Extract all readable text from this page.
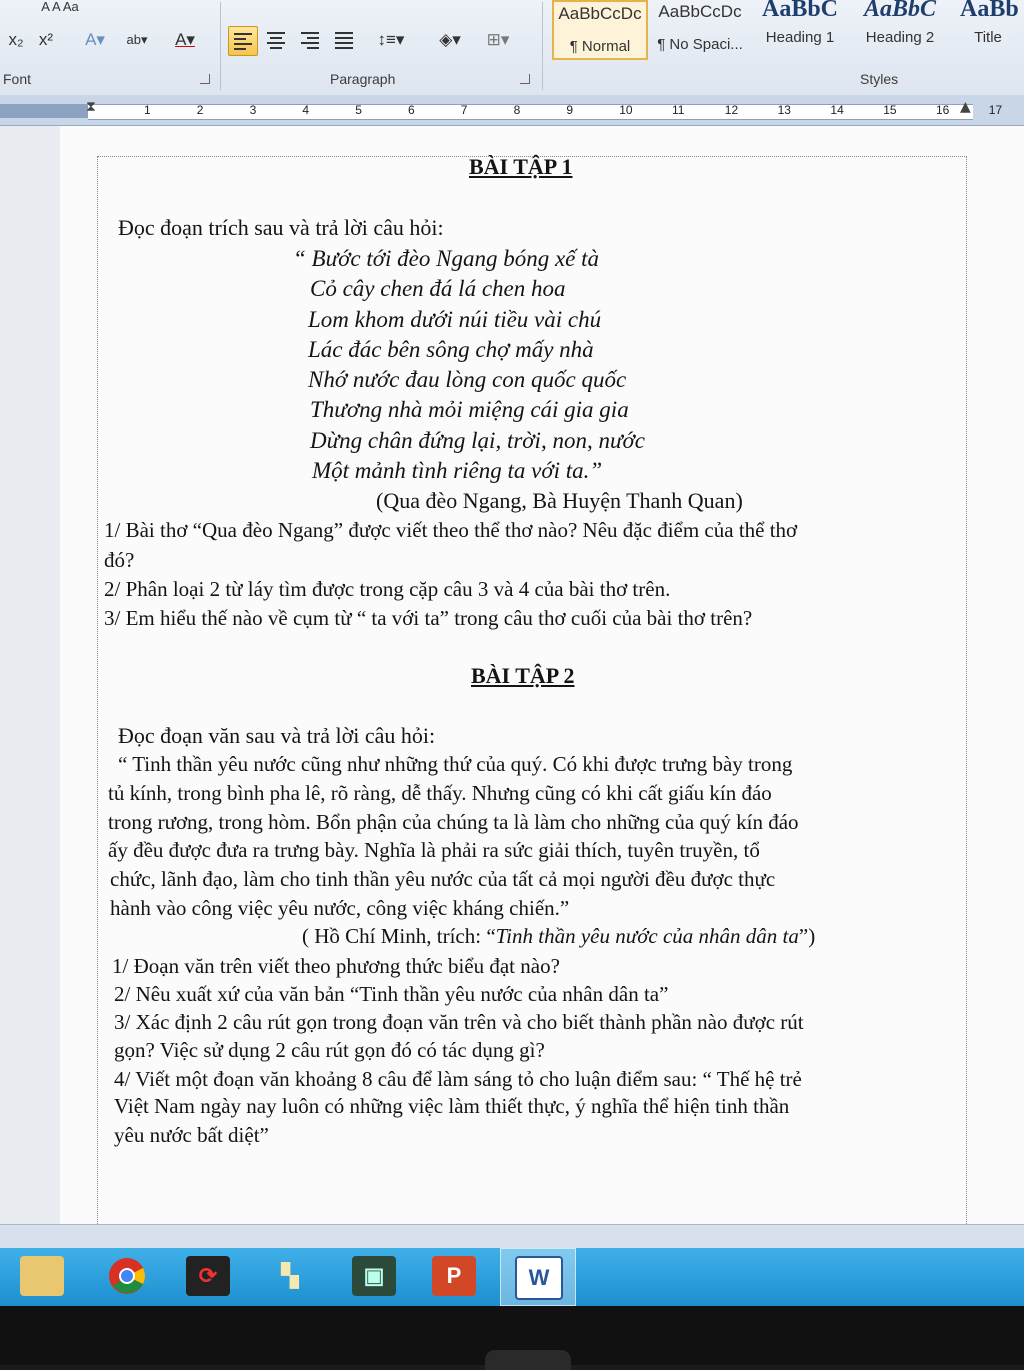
A A Aa
x₂ x²	A▾	ab▾	A▾	↕≡▾	◈▾	⊞▾
Font	Paragraph
AaBbCcDc
¶ Normal
AaBbCcDc
¶ No Spaci...
AaBbC
Heading 1
AaBbC
Heading 2
AaBb
Title
Styles
⧗	▲
1	2	3	4	5	6	7	8	9	10	11	12	13	14	15	16	17
BÀI TẬP 1
Đọc đoạn trích sau và trả lời câu hỏi:
“ Bước tới đèo Ngang bóng xế tà
Cỏ cây chen đá lá chen hoa
Lom khom dưới núi tiều vài chú
Lác đác bên sông chợ mấy nhà
Nhớ nước đau lòng con quốc quốc
Thương nhà mỏi miệng cái gia gia
Dừng chân đứng lại, trời, non, nước
Một mảnh tình riêng ta với ta.”
(Qua đèo Ngang, Bà Huyện Thanh Quan)
1/ Bài thơ “Qua đèo Ngang” được viết theo thể thơ nào? Nêu đặc điểm của thể thơ
đó?
2/ Phân loại 2 từ láy tìm được trong cặp câu 3 và 4 của bài thơ trên.
3/ Em hiểu thế nào về cụm từ “ ta với ta” trong câu thơ cuối của bài thơ trên?
BÀI TẬP 2
Đọc đoạn văn sau và trả lời câu hỏi:
“ Tinh thần yêu nước cũng như những thứ của quý. Có khi được trưng bày trong
tủ kính, trong bình pha lê, rõ ràng, dễ thấy. Nhưng cũng có khi cất giấu kín đáo
trong rương, trong hòm. Bổn phận của chúng ta là làm cho những của quý kín đáo
ấy đều được đưa ra trưng bày. Nghĩa là phải ra sức giải thích, tuyên truyền, tổ
chức, lãnh đạo, làm cho tinh thần yêu nước của tất cả mọi người đều được thực
hành vào công việc yêu nước, công việc kháng chiến.”
( Hồ Chí Minh, trích: “Tinh thần yêu nước của nhân dân ta”)
1/ Đoạn văn trên viết theo phương thức biểu đạt nào?
2/ Nêu xuất xứ của văn bản “Tinh thần yêu nước của nhân dân ta”
3/ Xác định 2 câu rút gọn trong đoạn văn trên và cho biết thành phần nào được rút
gọn? Việc sử dụng 2 câu rút gọn đó có tác dụng gì?
4/ Viết một đoạn văn khoảng 8 câu để làm sáng tỏ cho luận điểm sau: “ Thế hệ trẻ
Việt Nam ngày nay luôn có những việc làm thiết thực, ý nghĩa thể hiện tinh thần
yêu nước bất diệt”
⟳	▚	▣	P	W
